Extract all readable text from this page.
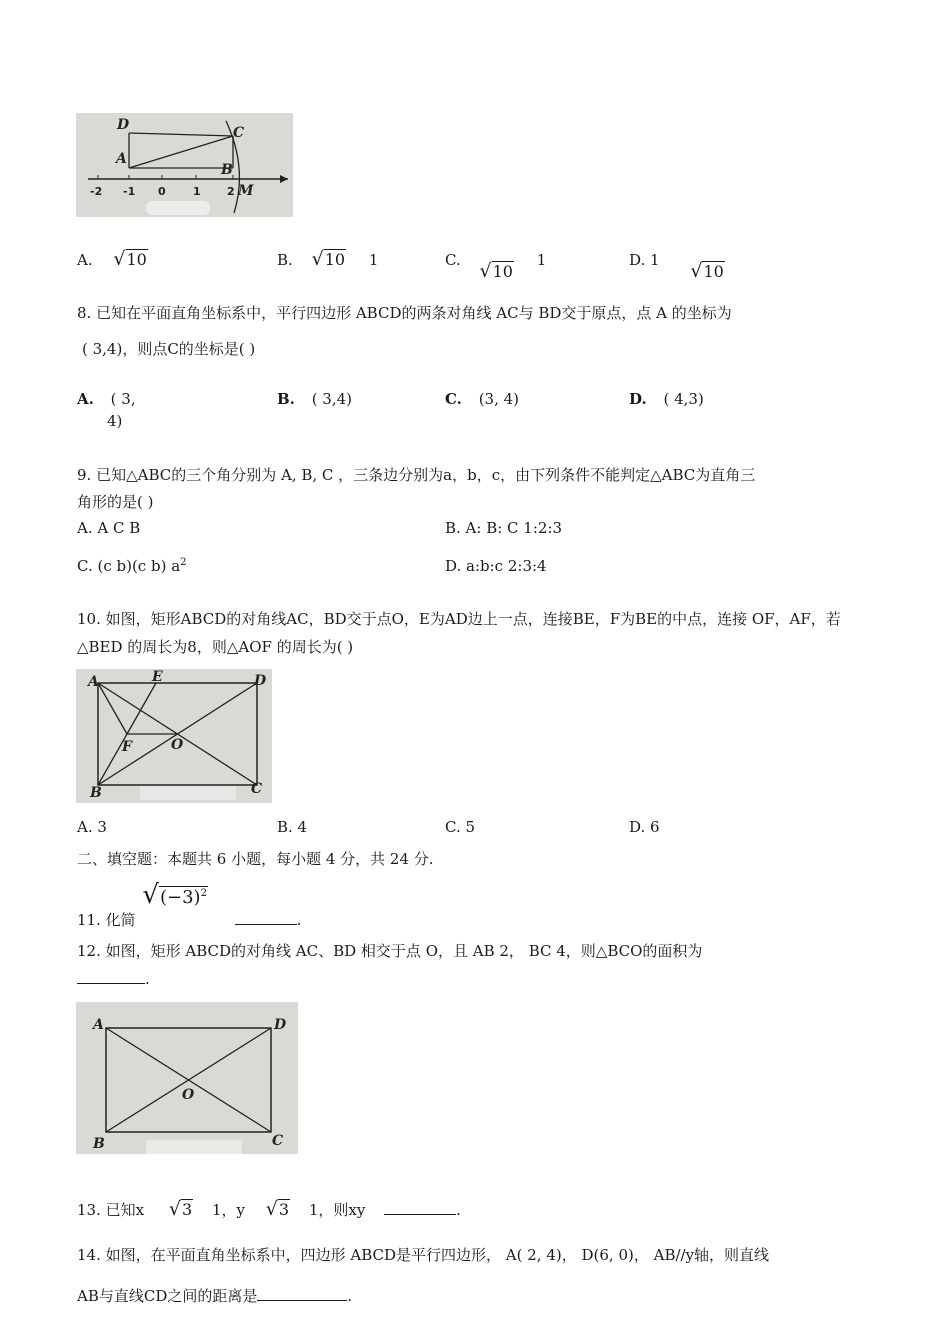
D	C
A
B
-2 -1 0 1 2 M
A. √10	B. √10 1	C. √10 1	D. 1 √10
8. 已知在平面直角坐标系中，平行四边形 ABCD的两条对角线 AC与 BD交于原点，点 A 的坐标为
( 3,4)，则点C的坐标是( )
A. ( 3,
4)
B. ( 3,4)	C. (3, 4)	D. ( 4,3)
9. 已知△ABC的三个角分别为 A, B, C ，三条边分别为a，b，c，由下列条件不能判定△ABC为直角三
角形的是( )
A. A C B	B. A: B: C 1:2:3
C. (c b)(c b) $a^2$	D. a:b:c 2:3:4
10. 如图，矩形ABCD的对角线AC，BD交于点O，E为AD边上一点，连接BE，F为BE的中点，连接 OF，AF，若
△BED 的周长为8，则△AOF 的周长为( )
A	E	D
F	O
B	C
A. 3	B. 4	C. 5	D. 6
二、填空题：本题共 6 小题，每小题 4 分，共 24 分.
11. 化简 $√(-3)^2$ .
12. 如图，矩形 ABCD的对角线 AC、BD 相交于点 O，且 AB 2， BC 4，则△BCO的面积为
.
A	D
O
B	C
13. 已知x √3 1，y √3 1，则xy	.
14. 如图，在平面直角坐标系中，四边形 ABCD是平行四边形， A( 2, 4)， D(6, 0)， AB//y轴，则直线
AB与直线CD之间的距离是	.
